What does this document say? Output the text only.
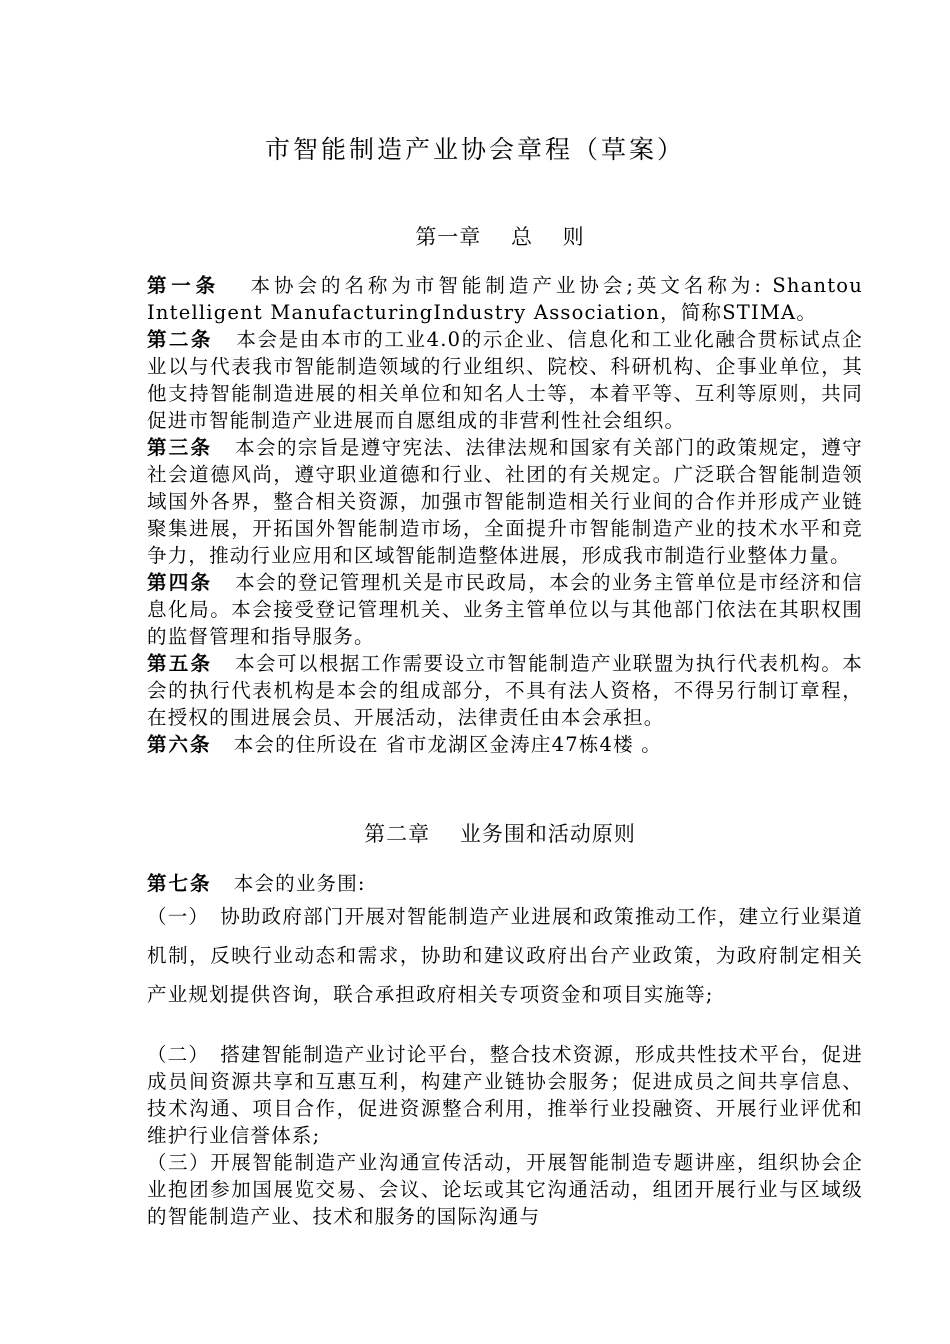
市智能制造产业协会章程（草案）
第一章　 总　 则
第一条 本协会的名称为市智能制造产业协会;英文名称为: Shantou Intelligent ManufacturingIndustry Association，简称STIMA。
第二条 本会是由本市的工业4.0的示企业、信息化和工业化融合贯标试点企业以与代表我市智能制造领域的行业组织、院校、科研机构、企事业单位，其他支持智能制造进展的相关单位和知名人士等，本着平等、互利等原则，共同促进市智能制造产业进展而自愿组成的非营利性社会组织。
第三条 本会的宗旨是遵守宪法、法律法规和国家有关部门的政策规定，遵守社会道德风尚，遵守职业道德和行业、社团的有关规定。广泛联合智能制造领域国外各界，整合相关资源，加强市智能制造相关行业间的合作并形成产业链聚集进展，开拓国外智能制造市场，全面提升市智能制造产业的技术水平和竞争力，推动行业应用和区域智能制造整体进展，形成我市制造行业整体力量。
第四条 本会的登记管理机关是市民政局，本会的业务主管单位是市经济和信息化局。本会接受登记管理机关、业务主管单位以与其他部门依法在其职权围的监督管理和指导服务。
第五条 本会可以根据工作需要设立市智能制造产业联盟为执行代表机构。本会的执行代表机构是本会的组成部分，不具有法人资格，不得另行制订章程，在授权的围进展会员、开展活动，法律责任由本会承担。
第六条 本会的住所设在 省市龙湖区金涛庄47栋4楼 。
第二章　 业务围和活动原则
第七条 本会的业务围:
（一）　协助政府部门开展对智能制造产业进展和政策推动工作，建立行业渠道机制，反映行业动态和需求，协助和建议政府出台产业政策，为政府制定相关产业规划提供咨询，联合承担政府相关专项资金和项目实施等;
（二）　搭建智能制造产业讨论平台，整合技术资源，形成共性技术平台，促进成员间资源共享和互惠互利，构建产业链协会服务；促进成员之间共享信息、技术沟通、项目合作，促进资源整合利用，推举行业投融资、开展行业评优和维护行业信誉体系;
（三）开展智能制造产业沟通宣传活动，开展智能制造专题讲座，组织协会企业抱团参加国展览交易、会议、论坛或其它沟通活动，组团开展行业与区域级的智能制造产业、技术和服务的国际沟通与
